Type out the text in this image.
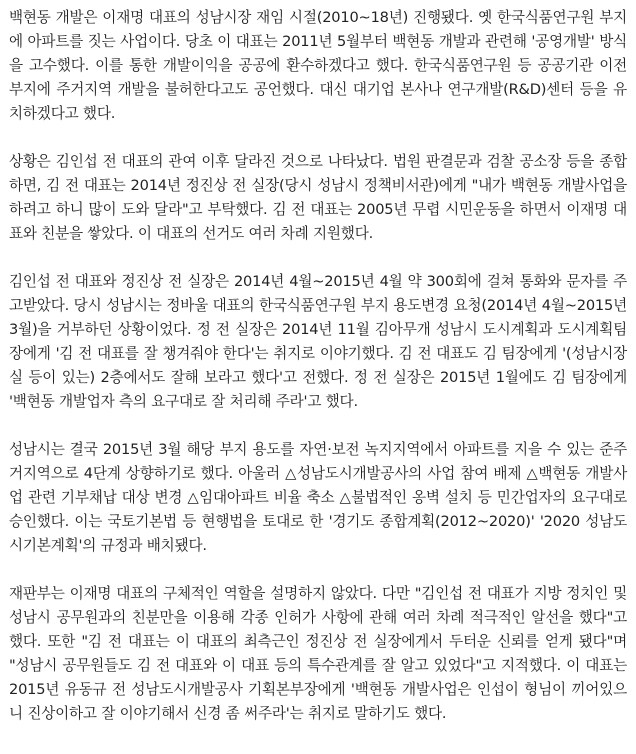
백현동 개발은 이재명 대표의 성남시장 재임 시절(2010~18년) 진행됐다. 옛 한국식품연구원 부지에 아파트를 짓는 사업이다. 당초 이 대표는 2011년 5월부터 백현동 개발과 관련해 '공영개발' 방식을 고수했다. 이를 통한 개발이익을 공공에 환수하겠다고 했다. 한국식품연구원 등 공공기관 이전 부지에 주거지역 개발을 불허한다고도 공언했다. 대신 대기업 본사나 연구개발(R&D)센터 등을 유치하겠다고 했다.

상황은 김인섭 전 대표의 관여 이후 달라진 것으로 나타났다. 법원 판결문과 검찰 공소장 등을 종합하면, 김 전 대표는 2014년 정진상 전 실장(당시 성남시 정책비서관)에게 "내가 백현동 개발사업을 하려고 하니 많이 도와 달라"고 부탁했다. 김 전 대표는 2005년 무렵 시민운동을 하면서 이재명 대표와 친분을 쌓았다. 이 대표의 선거도 여러 차례 지원했다.

김인섭 전 대표와 정진상 전 실장은 2014년 4월~2015년 4월 약 300회에 걸쳐 통화와 문자를 주고받았다. 당시 성남시는 정바울 대표의 한국식품연구원 부지 용도변경 요청(2014년 4월~2015년 3월)을 거부하던 상황이었다. 정 전 실장은 2014년 11월 김아무개 성남시 도시계획과 도시계획팀장에게 '김 전 대표를 잘 챙겨줘야 한다'는 취지로 이야기했다. 김 전 대표도 김 팀장에게 '(성남시장실 등이 있는) 2층에서도 잘해 보라고 했다'고 전했다. 정 전 실장은 2015년 1월에도 김 팀장에게 '백현동 개발업자 측의 요구대로 잘 처리해 주라'고 했다.

성남시는 결국 2015년 3월 해당 부지 용도를 자연·보전 녹지지역에서 아파트를 지을 수 있는 준주거지역으로 4단계 상향하기로 했다. 아울러 △성남도시개발공사의 사업 참여 배제 △백현동 개발사업 관련 기부채납 대상 변경 △임대아파트 비율 축소 △불법적인 옹벽 설치 등 민간업자의 요구대로 승인했다. 이는 국토기본법 등 현행법을 토대로 한 '경기도 종합계획(2012~2020)' '2020 성남도시기본계획'의 규정과 배치됐다.

재판부는 이재명 대표의 구체적인 역할을 설명하지 않았다. 다만 "김인섭 전 대표가 지방 정치인 및 성남시 공무원과의 친분만을 이용해 각종 인허가 사항에 관해 여러 차례 적극적인 알선을 했다"고 했다. 또한 "김 전 대표는 이 대표의 최측근인 정진상 전 실장에게서 두터운 신뢰를 얻게 됐다"며 "성남시 공무원들도 김 전 대표와 이 대표 등의 특수관계를 잘 알고 있었다"고 지적했다. 이 대표는 2015년 유동규 전 성남도시개발공사 기획본부장에게 '백현동 개발사업은 인섭이 형님이 끼어있으니 진상이하고 잘 이야기해서 신경 좀 써주라'는 취지로 말하기도 했다.
